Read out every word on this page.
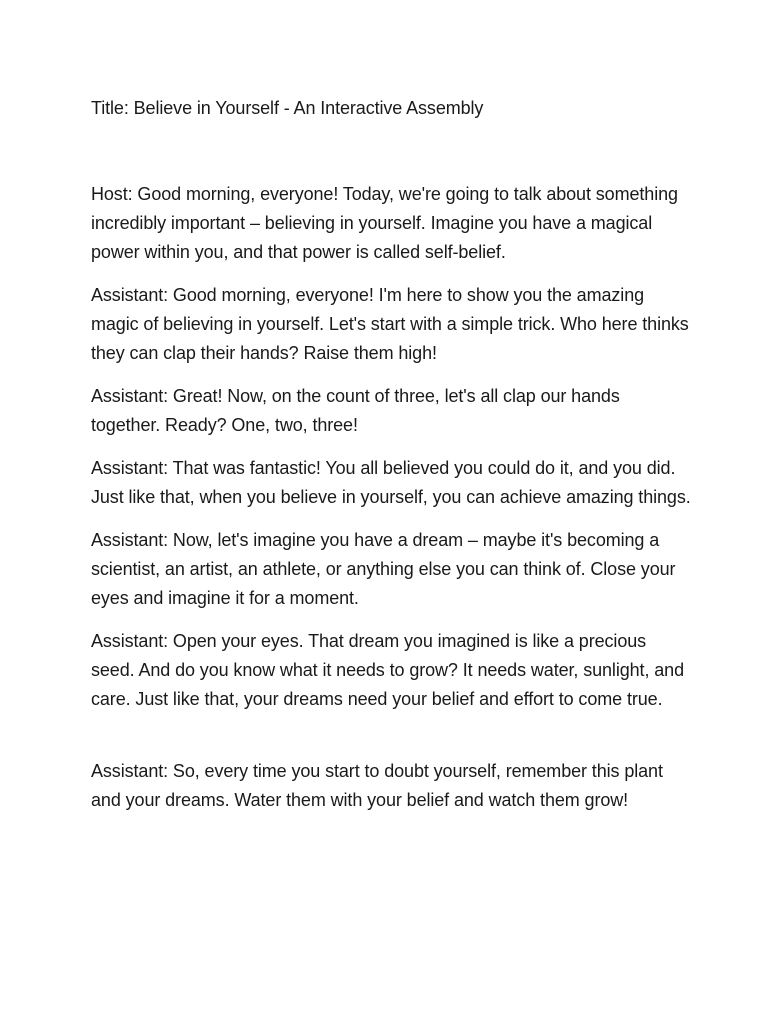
Title: Believe in Yourself - An Interactive Assembly

Host: Good morning, everyone! Today, we're going to talk about something incredibly important – believing in yourself. Imagine you have a magical power within you, and that power is called self-belief.

Assistant: Good morning, everyone! I'm here to show you the amazing magic of believing in yourself. Let's start with a simple trick. Who here thinks they can clap their hands? Raise them high!

Assistant: Great! Now, on the count of three, let's all clap our hands together. Ready? One, two, three!

Assistant: That was fantastic! You all believed you could do it, and you did. Just like that, when you believe in yourself, you can achieve amazing things.

Assistant: Now, let's imagine you have a dream – maybe it's becoming a scientist, an artist, an athlete, or anything else you can think of. Close your eyes and imagine it for a moment.

Assistant: Open your eyes. That dream you imagined is like a precious seed. And do you know what it needs to grow? It needs water, sunlight, and care. Just like that, your dreams need your belief and effort to come true.

Assistant: So, every time you start to doubt yourself, remember this plant and your dreams. Water them with your belief and watch them grow!
